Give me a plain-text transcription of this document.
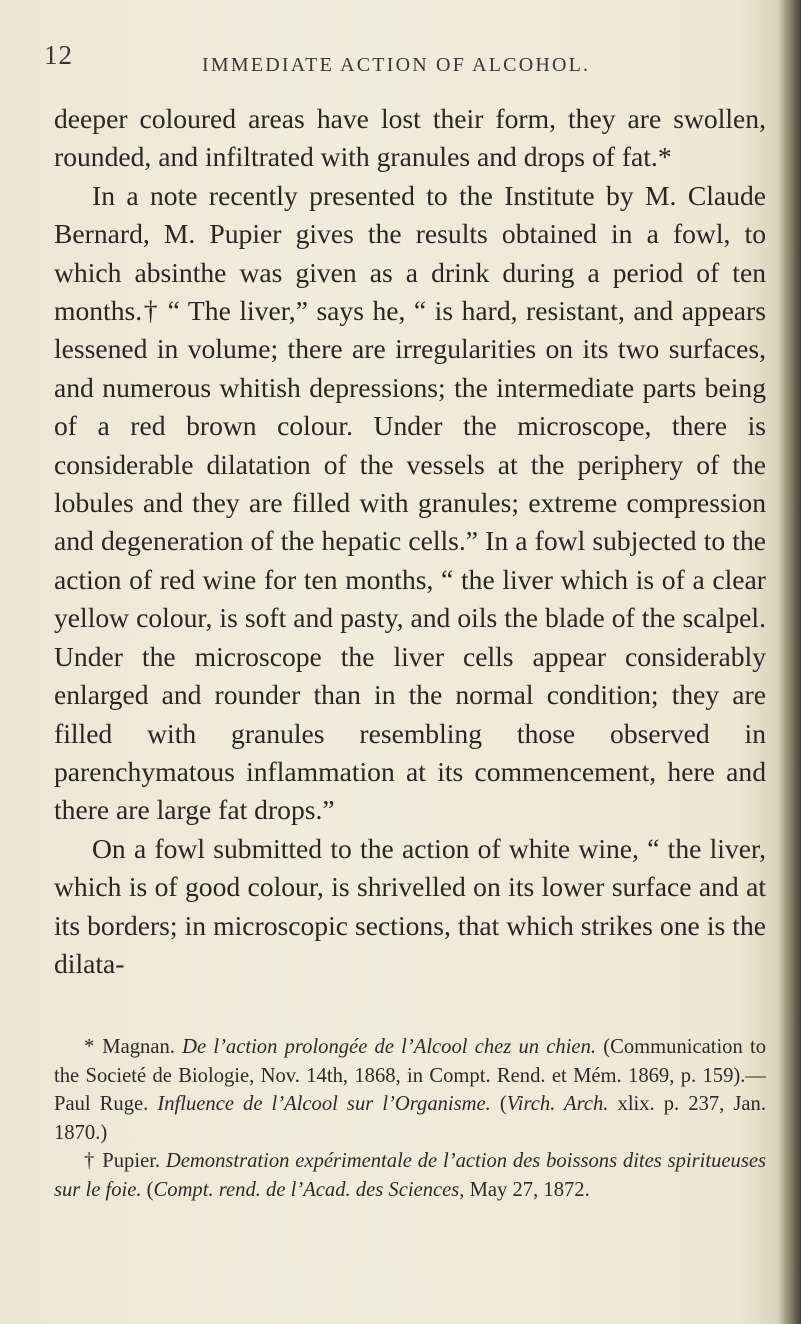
12	IMMEDIATE ACTION OF ALCOHOL.

deeper coloured areas have lost their form, they are swollen, rounded, and infiltrated with granules and drops of fat.*

In a note recently presented to the Institute by M. Claude Bernard, M. Pupier gives the results obtained in a fowl, to which absinthe was given as a drink during a period of ten months.† “ The liver,” says he, “ is hard, resistant, and appears lessened in volume; there are irregularities on its two surfaces, and numerous whitish depressions; the intermediate parts being of a red brown colour. Under the microscope, there is considerable dilatation of the vessels at the periphery of the lobules and they are filled with granules; extreme compression and degeneration of the hepatic cells.” In a fowl subjected to the action of red wine for ten months, “ the liver which is of a clear yellow colour, is soft and pasty, and oils the blade of the scalpel. Under the microscope the liver cells appear considerably enlarged and rounder than in the normal condition; they are filled with granules resembling those observed in parenchymatous inflammation at its commencement, here and there are large fat drops.”

On a fowl submitted to the action of white wine, “ the liver, which is of good colour, is shrivelled on its lower surface and at its borders; in microscopic sections, that which strikes one is the dilata-

* Magnan. De l’action prolongée de l’Alcool chez un chien. (Communication to the Societé de Biologie, Nov. 14th, 1868, in Compt. Rend. et Mém. 1869, p. 159).—Paul Ruge. Influence de l’Alcool sur l’Organisme. (Virch. Arch. xlix. p. 237, Jan. 1870.)

† Pupier. Demonstration expérimentale de l’action des boissons dites spiritueuses sur le foie. (Compt. rend. de l’Acad. des Sciences, May 27, 1872.
